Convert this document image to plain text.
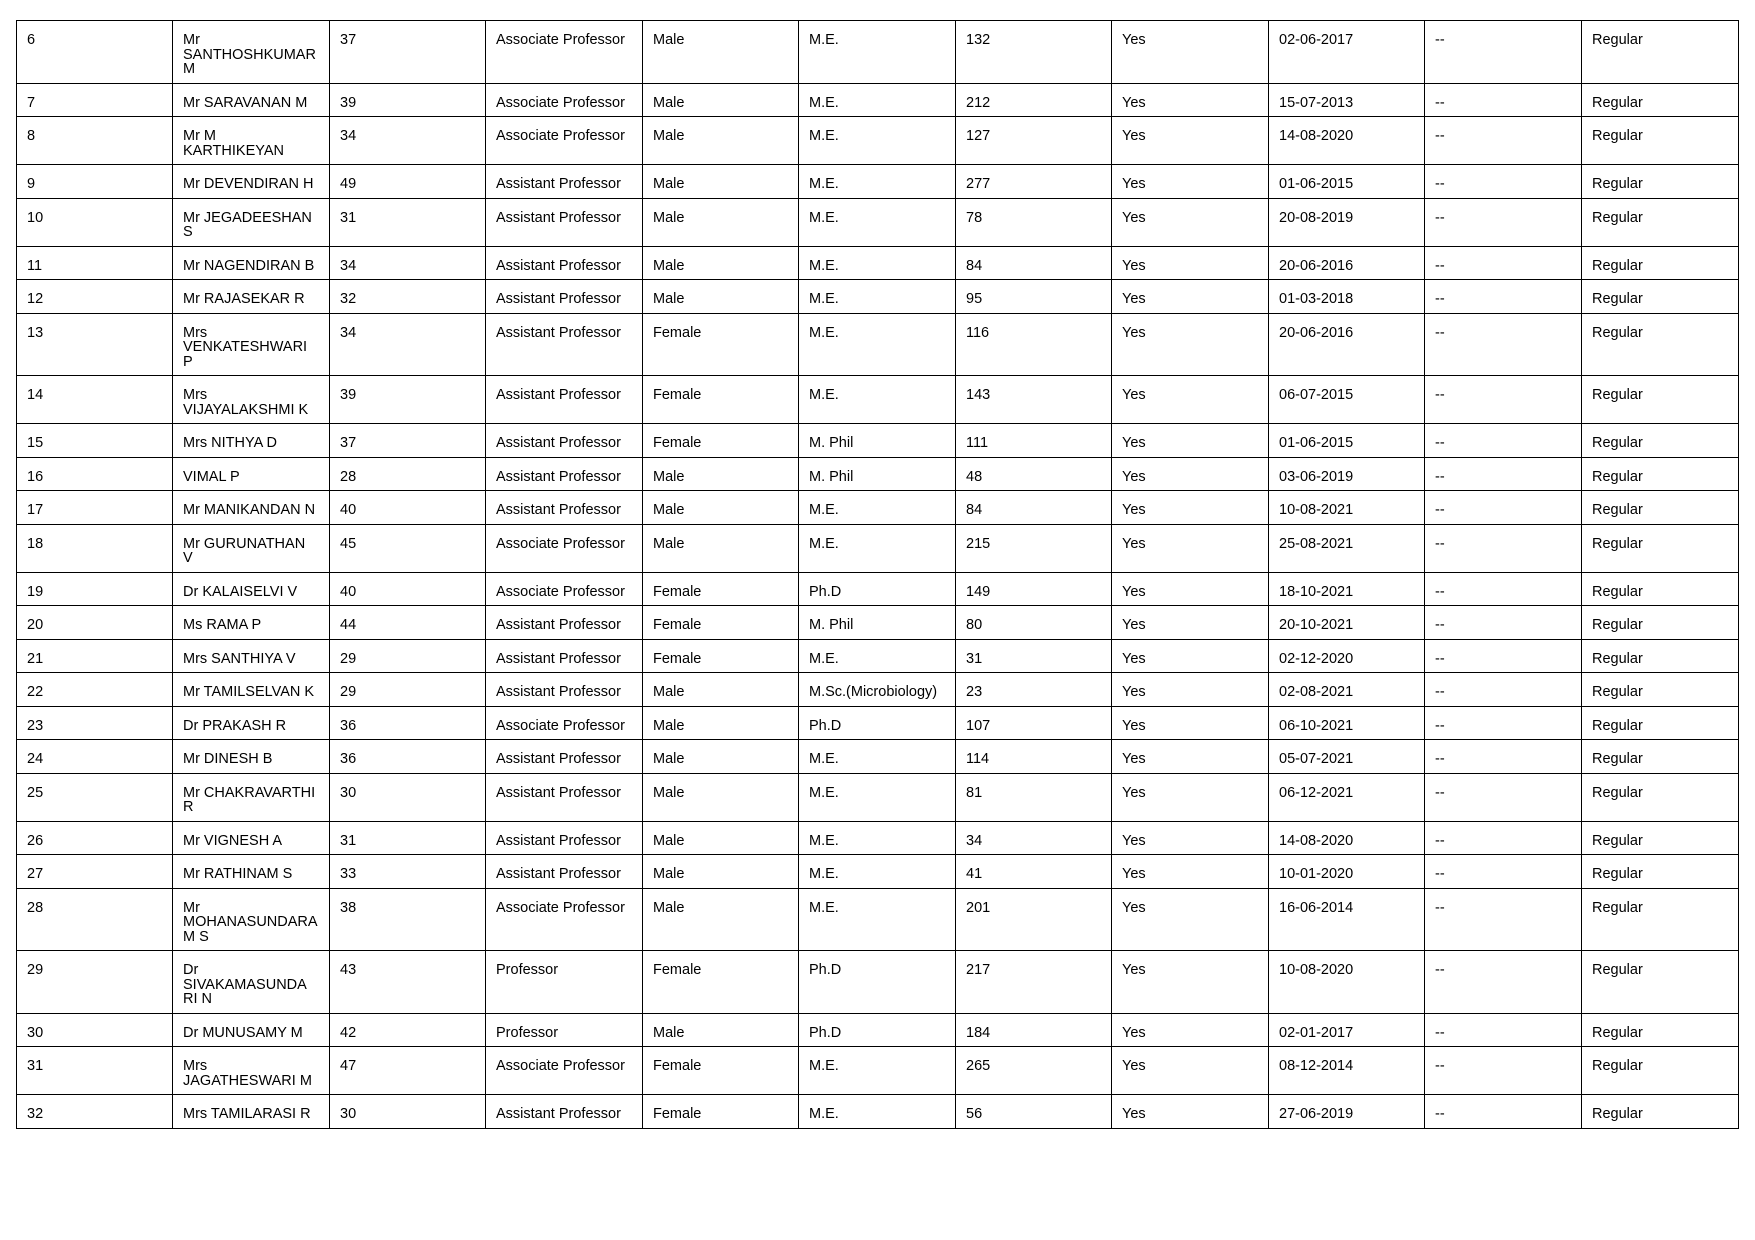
6	Mr
SANTHOSHKUMAR
M	37	Associate Professor	Male	M.E.	132	Yes	02-06-2017	--	Regular
7	Mr SARAVANAN M	39	Associate Professor	Male	M.E.	212	Yes	15-07-2013	--	Regular
8	Mr M
KARTHIKEYAN	34	Associate Professor	Male	M.E.	127	Yes	14-08-2020	--	Regular
9	Mr DEVENDIRAN H	49	Assistant Professor	Male	M.E.	277	Yes	01-06-2015	--	Regular
10	Mr JEGADEESHAN
S	31	Assistant Professor	Male	M.E.	78	Yes	20-08-2019	--	Regular
11	Mr NAGENDIRAN B	34	Assistant Professor	Male	M.E.	84	Yes	20-06-2016	--	Regular
12	Mr RAJASEKAR R	32	Assistant Professor	Male	M.E.	95	Yes	01-03-2018	--	Regular
13	Mrs
VENKATESHWARI
P	34	Assistant Professor	Female	M.E.	116	Yes	20-06-2016	--	Regular
14	Mrs
VIJAYALAKSHMI K	39	Assistant Professor	Female	M.E.	143	Yes	06-07-2015	--	Regular
15	Mrs NITHYA D	37	Assistant Professor	Female	M. Phil	111	Yes	01-06-2015	--	Regular
16	VIMAL P	28	Assistant Professor	Male	M. Phil	48	Yes	03-06-2019	--	Regular
17	Mr MANIKANDAN N	40	Assistant Professor	Male	M.E.	84	Yes	10-08-2021	--	Regular
18	Mr GURUNATHAN
V	45	Associate Professor	Male	M.E.	215	Yes	25-08-2021	--	Regular
19	Dr KALAISELVI V	40	Associate Professor	Female	Ph.D	149	Yes	18-10-2021	--	Regular
20	Ms RAMA P	44	Assistant Professor	Female	M. Phil	80	Yes	20-10-2021	--	Regular
21	Mrs SANTHIYA V	29	Assistant Professor	Female	M.E.	31	Yes	02-12-2020	--	Regular
22	Mr TAMILSELVAN K	29	Assistant Professor	Male	M.Sc.(Microbiology)	23	Yes	02-08-2021	--	Regular
23	Dr PRAKASH R	36	Associate Professor	Male	Ph.D	107	Yes	06-10-2021	--	Regular
24	Mr DINESH B	36	Assistant Professor	Male	M.E.	114	Yes	05-07-2021	--	Regular
25	Mr CHAKRAVARTHI
R	30	Assistant Professor	Male	M.E.	81	Yes	06-12-2021	--	Regular
26	Mr VIGNESH A	31	Assistant Professor	Male	M.E.	34	Yes	14-08-2020	--	Regular
27	Mr RATHINAM S	33	Assistant Professor	Male	M.E.	41	Yes	10-01-2020	--	Regular
28	Mr
MOHANASUNDARA
M S	38	Associate Professor	Male	M.E.	201	Yes	16-06-2014	--	Regular
29	Dr
SIVAKAMASUNDA
RI N	43	Professor	Female	Ph.D	217	Yes	10-08-2020	--	Regular
30	Dr MUNUSAMY M	42	Professor	Male	Ph.D	184	Yes	02-01-2017	--	Regular
31	Mrs
JAGATHESWARI M	47	Associate Professor	Female	M.E.	265	Yes	08-12-2014	--	Regular
32	Mrs TAMILARASI R	30	Assistant Professor	Female	M.E.	56	Yes	27-06-2019	--	Regular
